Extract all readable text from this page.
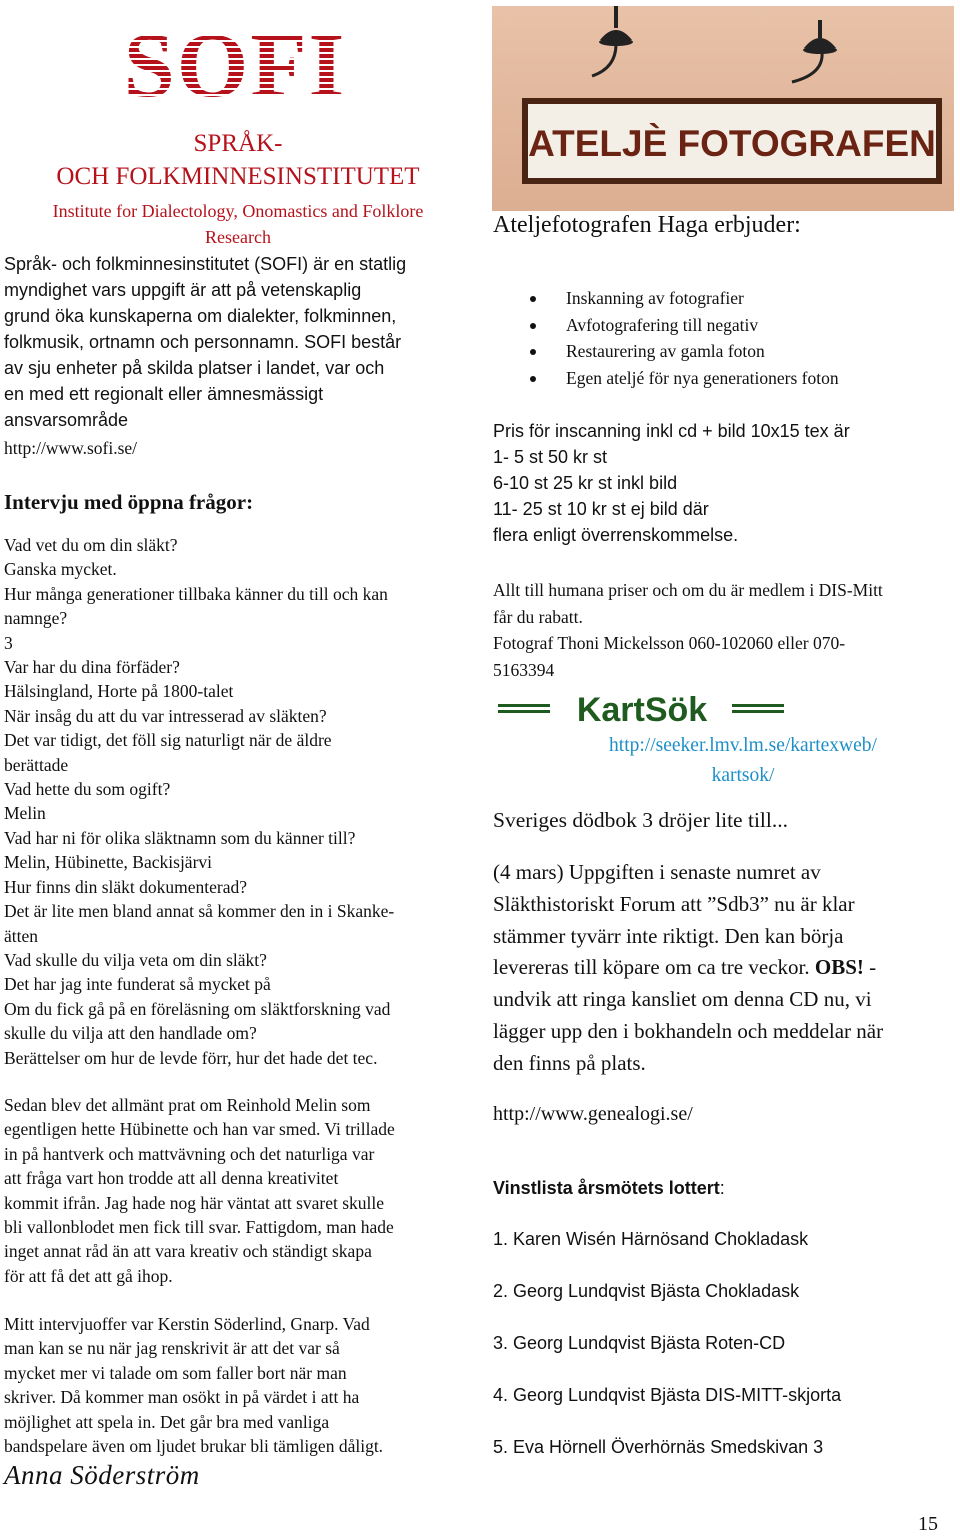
SOFI
SPRÅK-
OCH FOLKMINNESINSTITUTET
Institute for Dialectology, Onomastics and Folklore
Research
Språk- och folkminnesinstitutet (SOFI) är en statlig
myndighet vars uppgift är att på vetenskaplig
grund öka kunskaperna om dialekter, folkminnen,
folkmusik, ortnamn och personnamn. SOFI består
av sju enheter på skilda platser i landet, var och
en med ett regionalt eller ämnesmässigt
ansvarsområde
http://www.sofi.se/
Intervju med öppna frågor:

Vad vet du om din släkt?

Ganska mycket.

Hur många generationer tillbaka känner du till och kan

namnge?

3

Var har du dina förfäder?

Hälsingland, Horte på 1800-talet

När insåg du att du var intresserad av släkten?

Det var tidigt, det föll sig naturligt när de äldre

berättade

Vad hette du som ogift?

Melin

Vad har ni för olika släktnamn som du känner till?

Melin, Hübinette, Backisjärvi

Hur finns din släkt dokumenterad?

Det är lite men bland annat så kommer den in i Skanke-

ätten

Vad skulle du vilja veta om din släkt?

Det har jag inte funderat så mycket på

Om du fick gå på en föreläsning om släktforskning vad

skulle du vilja att den handlade om?

Berättelser om hur de levde förr, hur det hade det tec.

Sedan blev det allmänt prat om Reinhold Melin som
egentligen hette Hübinette och han var smed. Vi trillade
in på hantverk och mattvävning och det naturliga var
att fråga vart hon trodde att all denna kreativitet
kommit ifrån. Jag hade nog här väntat att svaret skulle
bli vallonblodet men fick till svar. Fattigdom, man hade
inget annat råd än att vara kreativ och ständigt skapa
för att få det att gå ihop.
Mitt intervjuoffer var Kerstin Söderlind, Gnarp. Vad
man kan se nu när jag renskrivit är att det var så
mycket mer vi talade om som faller bort när man
skriver. Då kommer man osökt in på värdet i att ha
möjlighet att spela in. Det går bra med vanliga
bandspelare även om ljudet brukar bli tämligen dåligt.
Anna Söderström
ATELJÈ FOTOGRAFEN
Ateljefotografen Haga erbjuder:
Inskanning av fotografier
Avfotografering till negativ
Restaurering av gamla foton
Egen ateljé för nya generationers foton
Pris för inscanning inkl cd + bild 10x15 tex är
1- 5 st 50 kr st
6-10 st 25 kr st inkl bild
11- 25 st 10 kr st ej bild där
flera enligt överrenskommelse.
Allt till humana priser och om du är medlem i DIS-Mitt
får du rabatt.
Fotograf Thoni Mickelsson 060-102060 eller 070-
5163394
KartSök
http://seeker.lmv.lm.se/kartexweb/
kartsok/
Sveriges dödbok 3 dröjer lite till...
(4 mars) Uppgiften i senaste numret av
Släkthistoriskt Forum att ”Sdb3” nu är klar
stämmer tyvärr inte riktigt. Den kan börja
levereras till köpare om ca tre veckor. OBS! -
undvik att ringa kansliet om denna CD nu, vi
lägger upp den i bokhandeln och meddelar när
den finns på plats.
http://www.genealogi.se/
Vinstlista årsmötets lottert:

1. Karen Wisén Härnösand Chokladask

2. Georg Lundqvist Bjästa Chokladask

3. Georg Lundqvist Bjästa Roten-CD

4. Georg Lundqvist Bjästa DIS-MITT-skjorta

5. Eva Hörnell Överhörnäs Smedskivan 3

15
